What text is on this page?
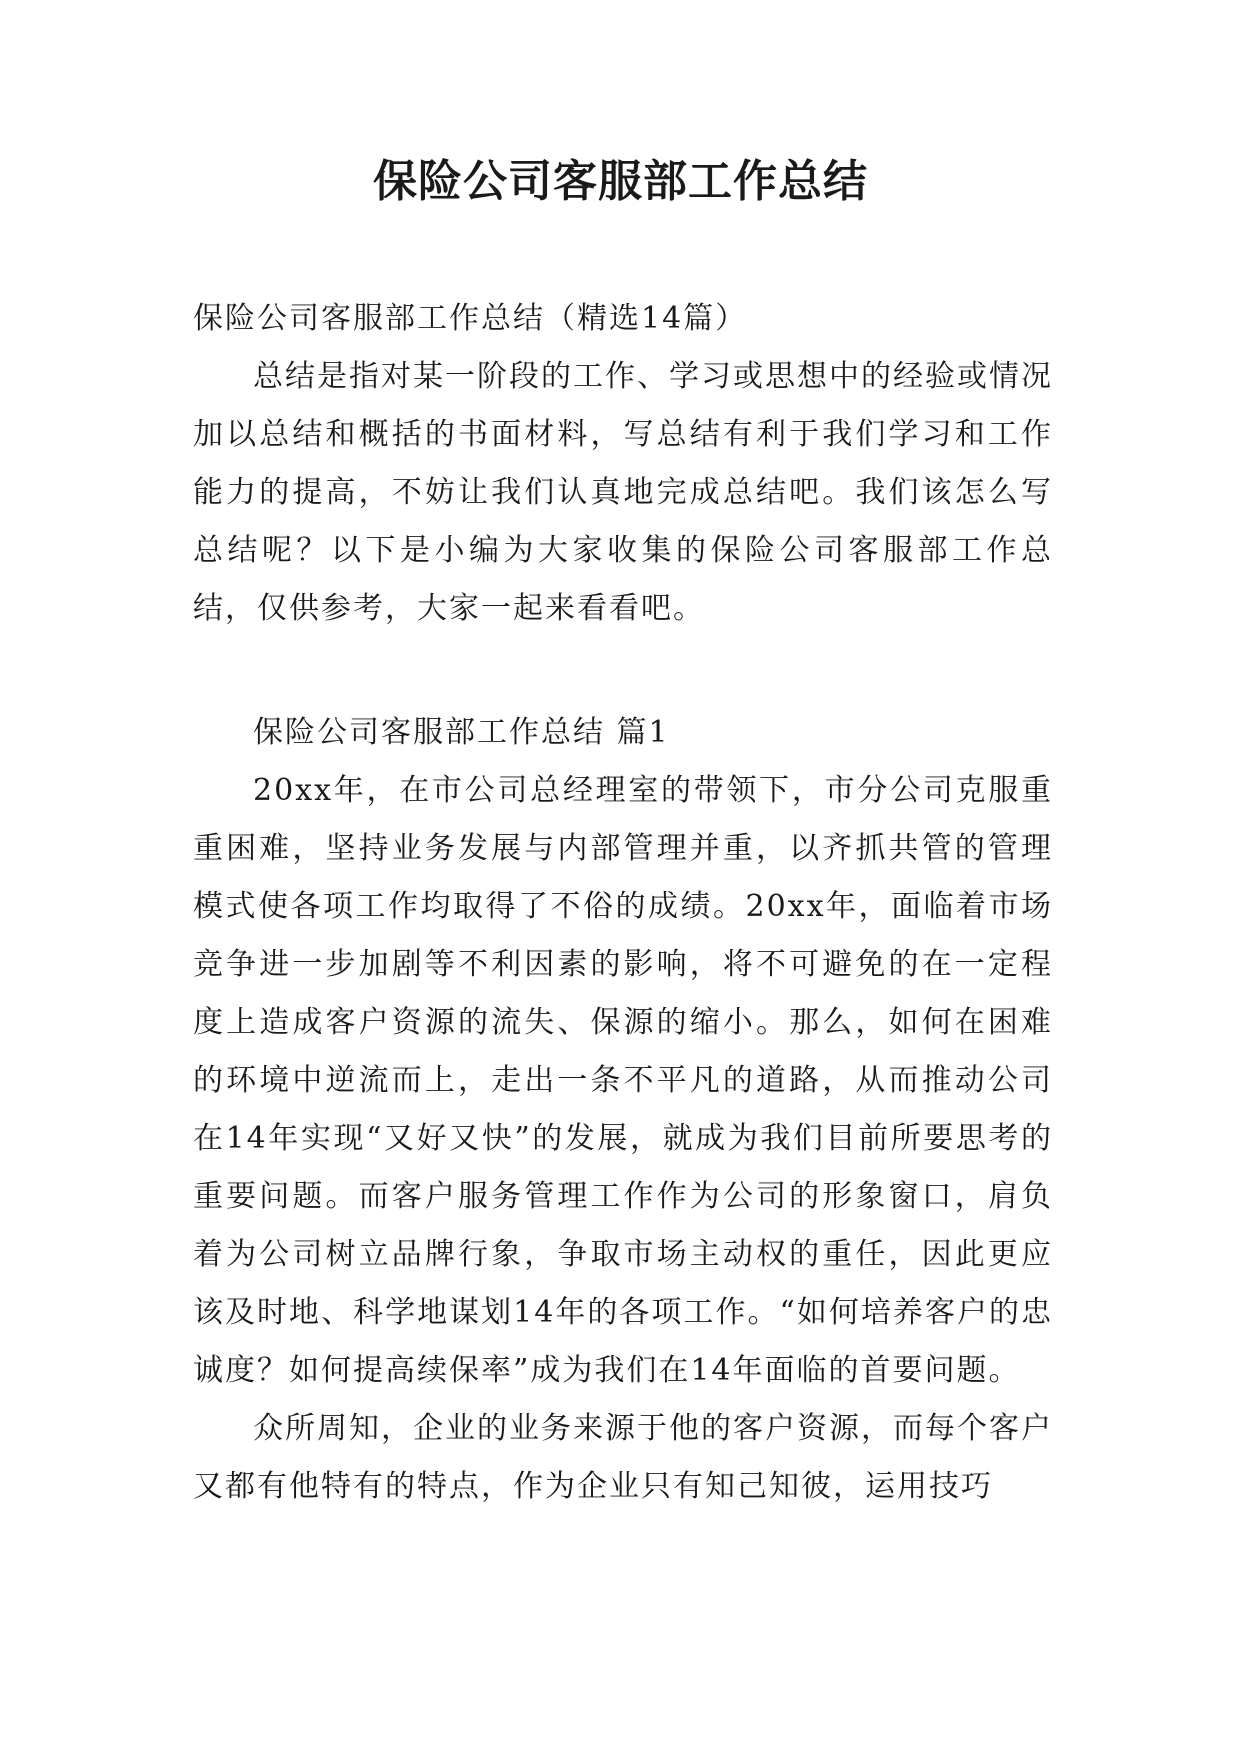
保险公司客服部工作总结

保险公司客服部工作总结（精选14篇）

总结是指对某一阶段的工作、学习或思想中的经验或情况加以总结和概括的书面材料，写总结有利于我们学习和工作能力的提高，不妨让我们认真地完成总结吧。我们该怎么写总结呢？以下是小编为大家收集的保险公司客服部工作总结，仅供参考，大家一起来看看吧。

保险公司客服部工作总结 篇1

20xx年，在市公司总经理室的带领下，市分公司克服重重困难，坚持业务发展与内部管理并重，以齐抓共管的管理模式使各项工作均取得了不俗的成绩。20xx年，面临着市场竞争进一步加剧等不利因素的影响，将不可避免的在一定程度上造成客户资源的流失、保源的缩小。那么，如何在困难的环境中逆流而上，走出一条不平凡的道路，从而推动公司在14年实现“又好又快”的发展，就成为我们目前所要思考的重要问题。而客户服务管理工作作为公司的形象窗口，肩负着为公司树立品牌行象，争取市场主动权的重任，因此更应该及时地、科学地谋划14年的各项工作。“如何培养客户的忠诚度？如何提高续保率”成为我们在14年面临的首要问题。

众所周知，企业的业务来源于他的客户资源，而每个客户又都有他特有的特点，作为企业只有知己知彼，运用技巧
